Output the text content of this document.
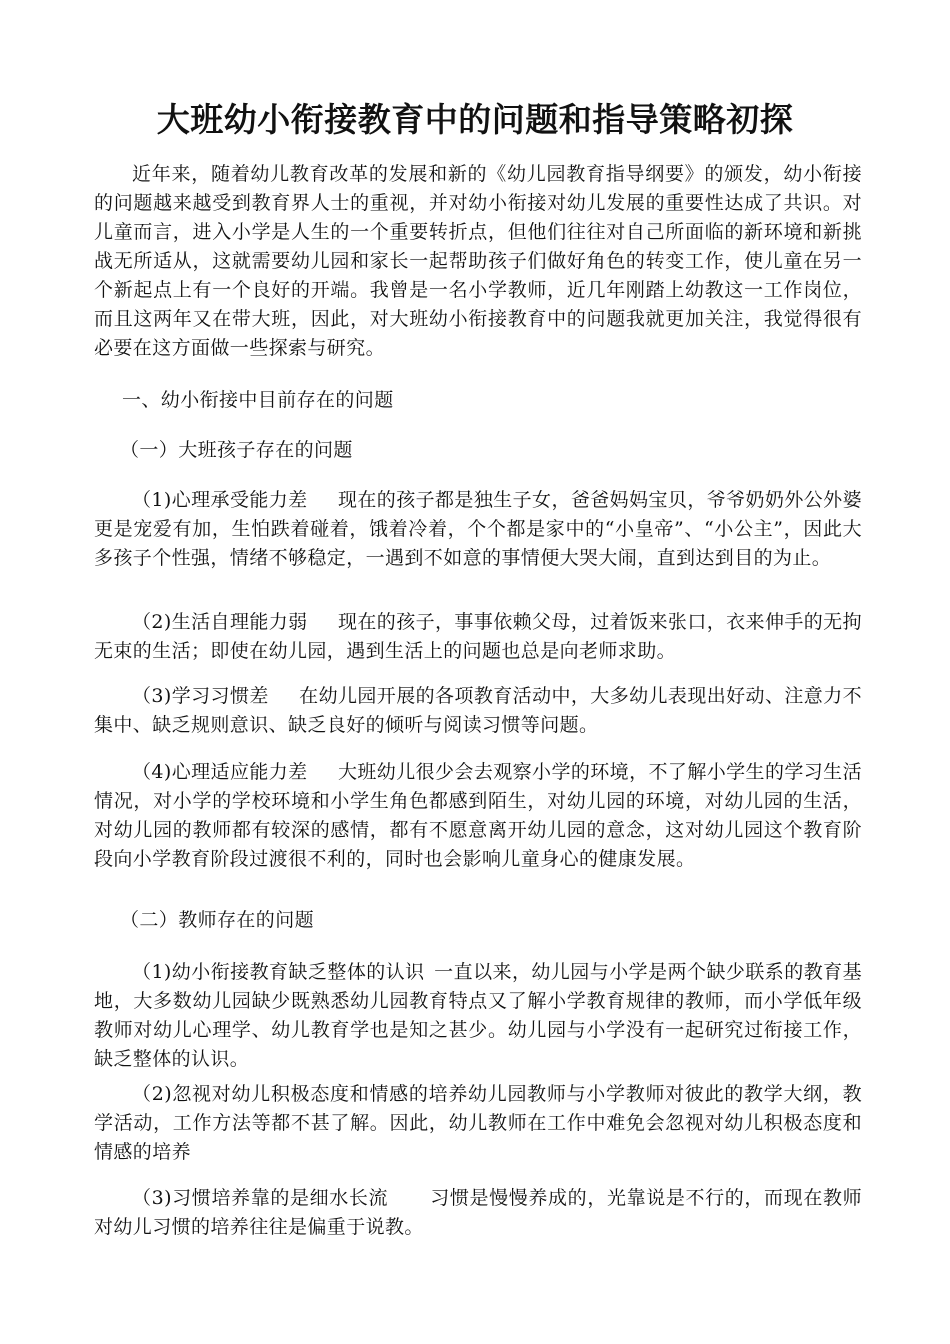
大班幼小衔接教育中的问题和指导策略初探

近年来，随着幼儿教育改革的发展和新的《幼儿园教育指导纲要》的颁发，幼小衔接的问题越来越受到教育界人士的重视，并对幼小衔接对幼儿发展的重要性达成了共识。对儿童而言，进入小学是人生的一个重要转折点，但他们往往对自己所面临的新环境和新挑战无所适从，这就需要幼儿园和家长一起帮助孩子们做好角色的转变工作，使儿童在另一个新起点上有一个良好的开端。我曾是一名小学教师，近几年刚踏上幼教这一工作岗位，而且这两年又在带大班，因此，对大班幼小衔接教育中的问题我就更加关注，我觉得很有必要在这方面做一些探索与研究。

一、幼小衔接中目前存在的问题

（一）大班孩子存在的问题

（1)心理承受能力差 现在的孩子都是独生子女，爸爸妈妈宝贝，爷爷奶奶外公外婆更是宠爱有加，生怕跌着碰着，饿着冷着，个个都是家中的“小皇帝”、“小公主”，因此大多孩子个性强，情绪不够稳定，一遇到不如意的事情便大哭大闹，直到达到目的为止。

（2)生活自理能力弱 现在的孩子，事事依赖父母，过着饭来张口，衣来伸手的无拘无束的生活；即使在幼儿园，遇到生活上的问题也总是向老师求助。

（3)学习习惯差 在幼儿园开展的各项教育活动中，大多幼儿表现出好动、注意力不集中、缺乏规则意识、缺乏良好的倾听与阅读习惯等问题。

（4)心理适应能力差 大班幼儿很少会去观察小学的环境，不了解小学生的学习生活情况，对小学的学校环境和小学生角色都感到陌生，对幼儿园的环境，对幼儿园的生活，对幼儿园的教师都有较深的感情，都有不愿意离开幼儿园的意念，这对幼儿园这个教育阶段向小学教育阶段过渡很不利的，同时也会影响儿童身心的健康发展。

（二）教师存在的问题

（1)幼小衔接教育缺乏整体的认识 一直以来，幼儿园与小学是两个缺少联系的教育基地，大多数幼儿园缺少既熟悉幼儿园教育特点又了解小学教育规律的教师，而小学低年级教师对幼儿心理学、幼儿教育学也是知之甚少。幼儿园与小学没有一起研究过衔接工作，缺乏整体的认识。

（2)忽视对幼儿积极态度和情感的培养幼儿园教师与小学教师对彼此的教学大纲，教学活动，工作方法等都不甚了解。因此，幼儿教师在工作中难免会忽视对幼儿积极态度和情感的培养

（3)习惯培养靠的是细水长流 习惯是慢慢养成的，光靠说是不行的，而现在教师对幼儿习惯的培养往往是偏重于说教。
